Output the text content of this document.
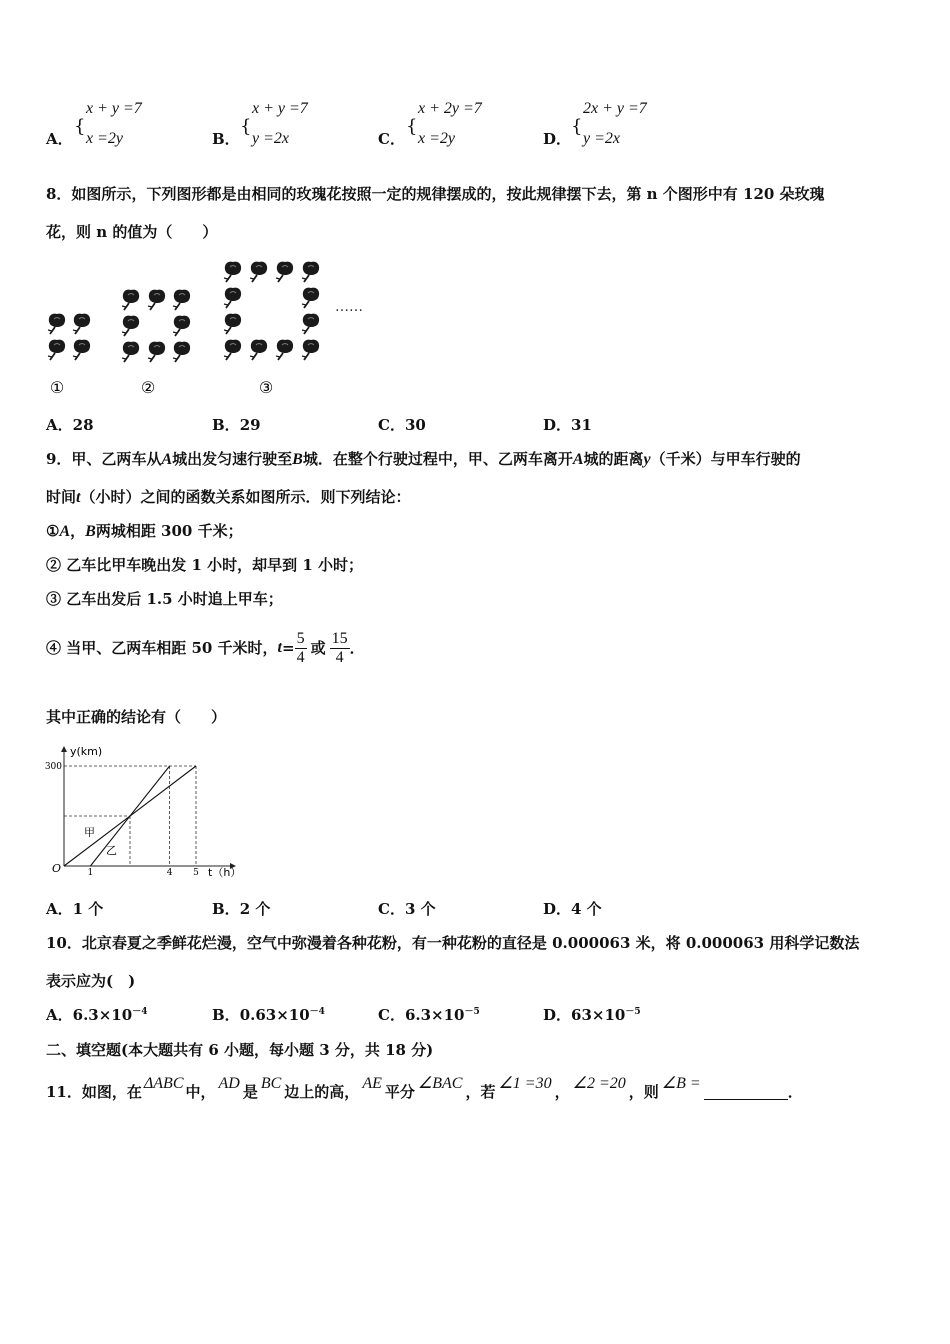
A．
{
x + y =7
x =2y	B．
{
x + y =7
y =2x	C．
{
x + 2y =7
x =2y	D．
{
2x + y =7
y =2x
8．如图所示，下列图形都是由相同的玫瑰花按照一定的规律摆成的，按此规律摆下去，第 n 个图形中有 120 朵玫瑰
花，则 n 的值为（　　）
……
①	②	③
A．28	B．29	C．30	D．31
9．甲、乙两车从A城出发匀速行驶至B城．在整个行驶过程中，甲、乙两车离开A城的距离y（千米）与甲车行驶的
时间t（小时）之间的函数关系如图所示．则下列结论：
①A，B两城相距 300 千米；
② 乙车比甲车晚出发 1 小时，却早到 1 小时；
③ 乙车出发后 1.5 小时追上甲车；
④ 当甲、乙两车相距 50 千米时， $t = \frac{5}{4}$ 或 $\frac{15}{4}$ ．
其中正确的结论有（　　）
y(km)
t（h）
O	1	4 5
300
甲
乙
A．1 个	B．2 个	C．3 个	D．4 个
10．北京春夏之季鲜花烂漫，空气中弥漫着各种花粉，有一种花粉的直径是 0.000063 米，将 0.000063 用科学记数法
表示应为(　)
A．$6.3\times 10^{-4}$	B．$0.63\times 10^{-4}$	C．$6.3\times 10^{-5}$	D．$63\times 10^{-5}$
二、填空题(本大题共有 6 小题，每小题 3 分，共 18 分)
11．如图，在 ΔABC 中， AD 是 BC 边上的高， AE 平分 ∠BAC ，若 ∠1 =30 ， ∠2 =20 ，则 ∠B =	．
